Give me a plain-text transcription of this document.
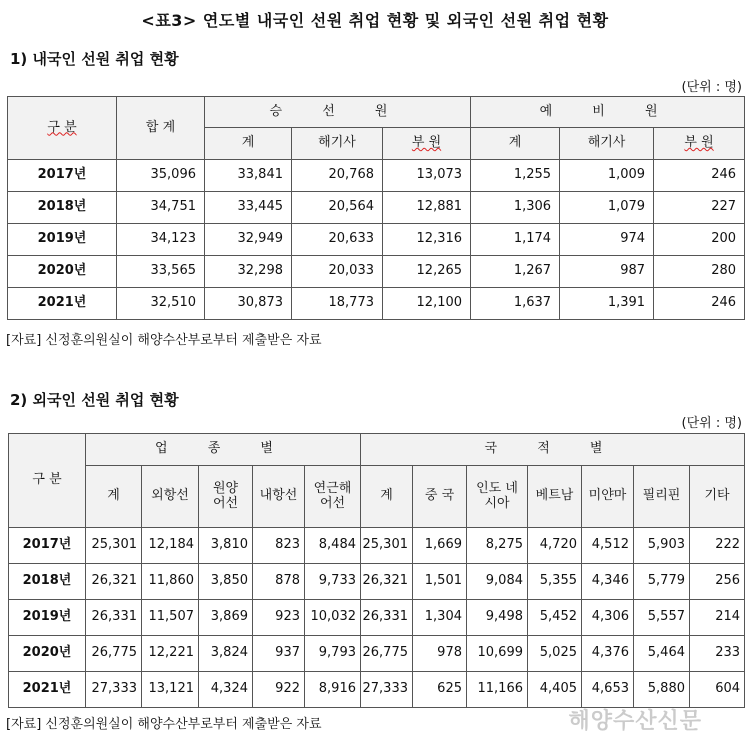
<표3> 연도별 내국인 선원 취업 현황 및 외국인 선원 취업 현황
1) 내국인 선원 취업 현황
(단위 : 명)
구 분	합 계	승 선 원			예 비 원		
		계	해기사	부 원	계	해기사	부 원
2017년	35,096	33,841	20,768	13,073	1,255	1,009	246
2018년	34,751	33,445	20,564	12,881	1,306	1,079	227
2019년	34,123	32,949	20,633	12,316	1,174	974	200
2020년	33,565	32,298	20,033	12,265	1,267	987	280
2021년	32,510	30,873	18,773	12,100	1,637	1,391	246
[자료] 신정훈의원실이 해양수산부로부터 제출받은 자료
2) 외국인 선원 취업 현황
(단위 : 명)
구 분	업 종 별					국 적 별						
	계	외항선	원양 어선	내항선	연근해 어선	계	중 국	인도 네시아	베트남	미얀마	필리핀	기타
2017년	25,301	12,184	3,810	823	8,484	25,301	1,669	8,275	4,720	4,512	5,903	222
2018년	26,321	11,860	3,850	878	9,733	26,321	1,501	9,084	5,355	4,346	5,779	256
2019년	26,331	11,507	3,869	923	10,032	26,331	1,304	9,498	5,452	4,306	5,557	214
2020년	26,775	12,221	3,824	937	9,793	26,775	978	10,699	5,025	4,376	5,464	233
2021년	27,333	13,121	4,324	922	8,916	27,333	625	11,166	4,405	4,653	5,880	604
[자료] 신정훈의원실이 해양수산부로부터 제출받은 자료	해양수산신문
